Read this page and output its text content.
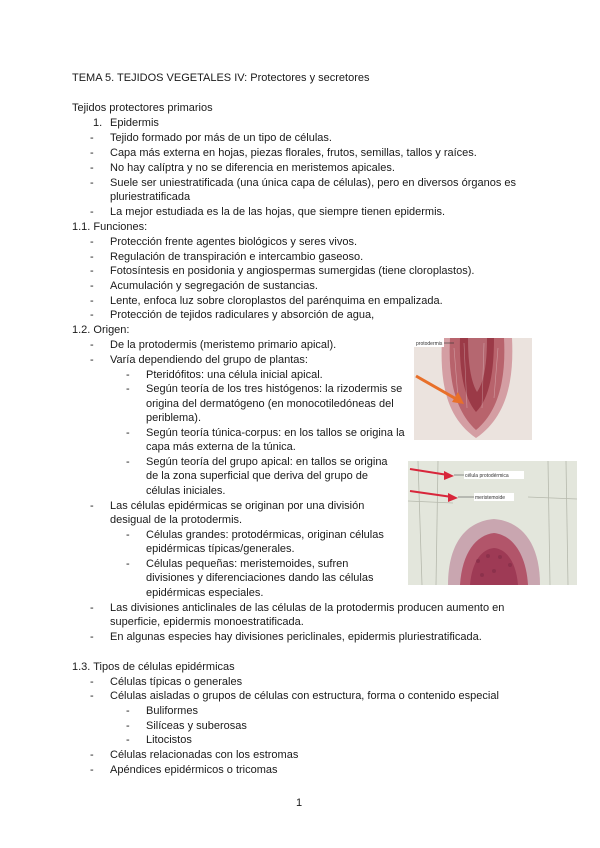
TEMA 5. TEJIDOS VEGETALES IV: Protectores y secretores
Tejidos protectores primarios
1. Epidermis
- Tejido formado por más de un tipo de células.
- Capa más externa en hojas, piezas florales, frutos, semillas, tallos y raíces.
- No hay calíptra y no se diferencia en meristemos apicales.
- Suele ser uniestratificada (una única capa de células), pero en diversos órganos es
pluriestratificada
- La mejor estudiada es la de las hojas, que siempre tienen epidermis.
1.1. Funciones:
- Protección frente agentes biológicos y seres vivos.
- Regulación de transpiración e intercambio gaseoso.
- Fotosíntesis en posidonia y angiospermas sumergidas (tiene cloroplastos).
- Acumulación y segregación de sustancias.
- Lente, enfoca luz sobre cloroplastos del parénquima en empalizada.
- Protección de tejidos radiculares y absorción de agua,
1.2. Origen:
- De la protodermis (meristemo primario apical).
- Varía dependiendo del grupo de plantas:
- Pteridófitos: una célula inicial apical.
- Según teoría de los tres histógenos: la rizodermis se
origina del dermatógeno (en monocotiledóneas del
periblema).
- Según teoría túnica-corpus: en los tallos se origina la
capa más externa de la túnica.
- Según teoría del grupo apical: en tallos se origina
de la zona superficial que deriva del grupo de
células iniciales.
- Las células epidérmicas se originan por una división
desigual de la protodermis.
- Células grandes: protodérmicas, originan células
epidérmicas típicas/generales.
- Células pequeñas: meristemoides, sufren
divisiones y diferenciaciones dando las células
epidérmicas especiales.
- Las divisiones anticlinales de las células de la protodermis producen aumento en
superficie, epidermis monoestratificada.
- En algunas especies hay divisiones periclinales, epidermis pluriestratificada.
1.3. Tipos de células epidérmicas
- Células típicas o generales
- Células aisladas o grupos de células con estructura, forma o contenido especial
- Buliformes
- Silíceas y suberosas
- Litocistos
- Células relacionadas con los estromas
- Apéndices epidérmicos o tricomas
protodermis
célula protodérmica
meristemoide
1
